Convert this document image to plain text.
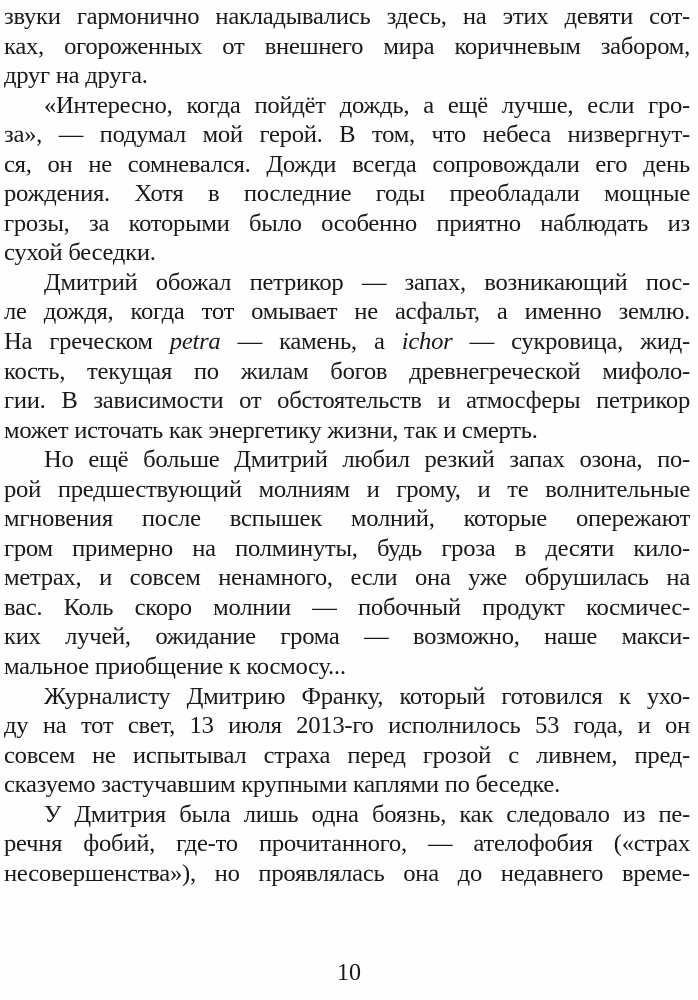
звуки гармонично накладывались здесь, на этих девяти сот-
ках, огороженных от внешнего мира коричневым забором,
друг на друга.
«Интересно, когда пойдёт дождь, а ещё лучше, если гро-
за», — подумал мой герой. В том, что небеса низвергнут-
ся, он не сомневался. Дожди всегда сопровождали его день
рождения. Хотя в последние годы преобладали мощные
грозы, за которыми было особенно приятно наблюдать из
сухой беседки.
Дмитрий обожал петрикор — запах, возникающий пос-
ле дождя, когда тот омывает не асфальт, а именно землю.
На греческом petra — камень, а ichor — сукровица, жид-
кость, текущая по жилам богов древнегреческой мифоло-
гии. В зависимости от обстоятельств и атмосферы петрикор
может источать как энергетику жизни, так и смерть.
Но ещё больше Дмитрий любил резкий запах озона, по-
рой предшествующий молниям и грому, и те волнительные
мгновения после вспышек молний, которые опережают
гром примерно на полминуты, будь гроза в десяти кило-
метрах, и совсем ненамного, если она уже обрушилась на
вас. Коль скоро молнии — побочный продукт космичес-
ких лучей, ожидание грома — возможно, наше макси-
мальное приобщение к космосу...
Журналисту Дмитрию Франку, который готовился к ухо-
ду на тот свет, 13 июля 2013-го исполнилось 53 года, и он
совсем не испытывал страха перед грозой с ливнем, пред-
сказуемо застучавшим крупными каплями по беседке.
У Дмитрия была лишь одна боязнь, как следовало из пе-
речня фобий, где-то прочитанного, — ателофобия («страх
несовершенства»), но проявлялась она до недавнего време-
10
